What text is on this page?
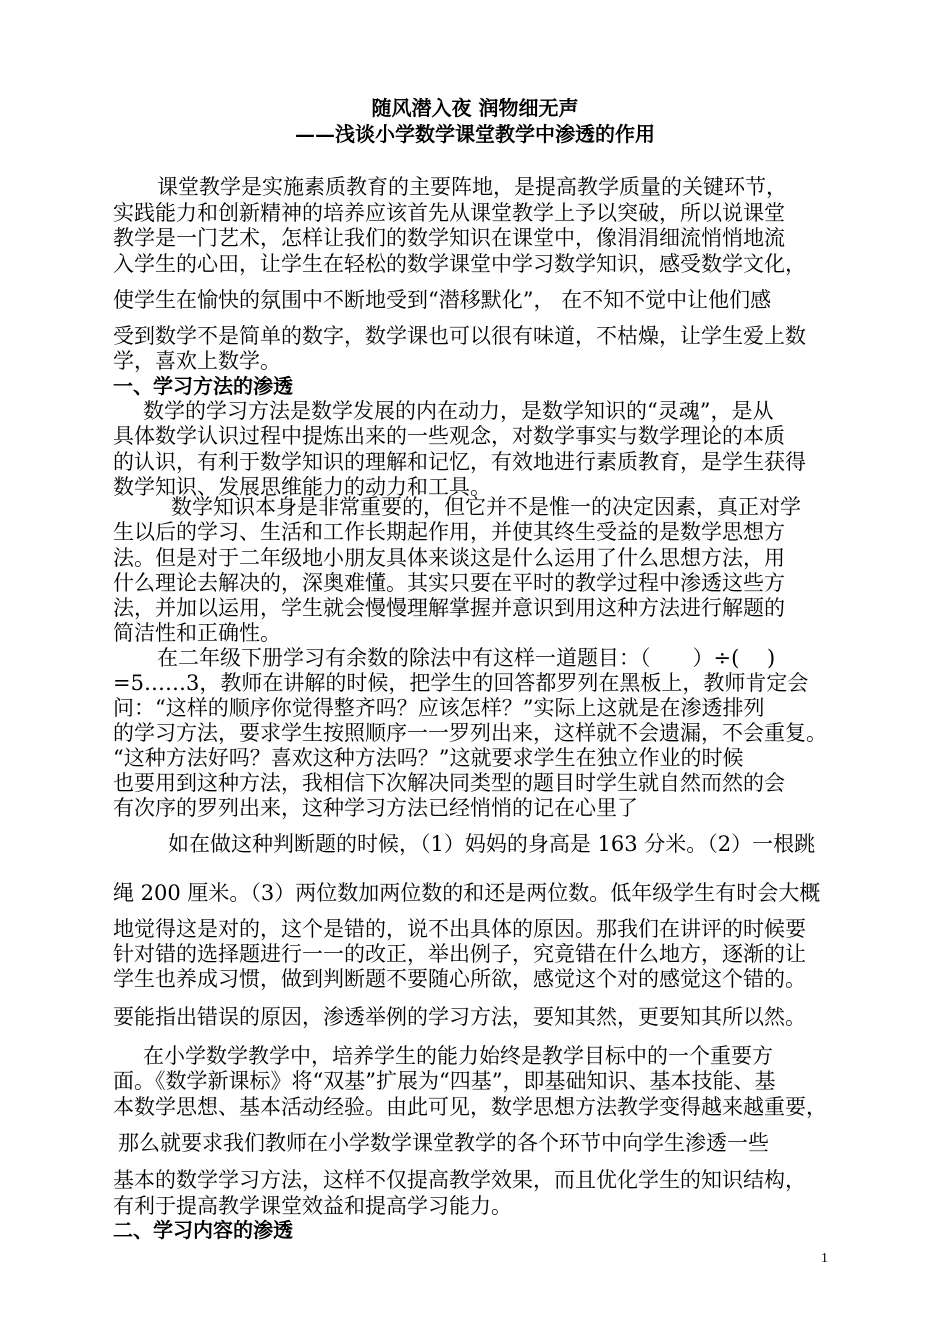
随风潜入夜 润物细无声
——浅谈小学数学课堂教学中渗透的作用

课堂教学是实施素质教育的主要阵地，是提高教学质量的关键环节，

实践能力和创新精神的培养应该首先从课堂教学上予以突破，所以说课堂

教学是一门艺术，怎样让我们的数学知识在课堂中，像涓涓细流悄悄地流

入学生的心田，让学生在轻松的数学课堂中学习数学知识，感受数学文化，

使学生在愉快的氛围中不断地受到“潜移默化”， 在不知不觉中让他们感

受到数学不是简单的数字，数学课也可以很有味道，不枯燥，让学生爱上数

学，喜欢上数学。

一、学习方法的渗透

数学的学习方法是数学发展的内在动力，是数学知识的“灵魂”，是从

具体数学认识过程中提炼出来的一些观念，对数学事实与数学理论的本质

的认识，有利于数学知识的理解和记忆，有效地进行素质教育，是学生获得

数学知识、发展思维能力的动力和工具。

数学知识本身是非常重要的，但它并不是惟一的决定因素，真正对学

生以后的学习、生活和工作长期起作用，并使其终生受益的是数学思想方

法。但是对于二年级地小朋友具体来谈这是什么运用了什么思想方法，用

什么理论去解决的，深奥难懂。其实只要在平时的教学过程中渗透这些方

法，并加以运用，学生就会慢慢理解掌握并意识到用这种方法进行解题的

简洁性和正确性。

在二年级下册学习有余数的除法中有这样一道题目：（　　）÷(　 )

=5……3，教师在讲解的时候，把学生的回答都罗列在黑板上，教师肯定会

问：“这样的顺序你觉得整齐吗？应该怎样？”实际上这就是在渗透排列

的学习方法，要求学生按照顺序一一罗列出来，这样就不会遗漏，不会重复。

“这种方法好吗？喜欢这种方法吗？”这就要求学生在独立作业的时候

也要用到这种方法，我相信下次解决同类型的题目时学生就自然而然的会

有次序的罗列出来，这种学习方法已经悄悄的记在心里了

如在做这种判断题的时候，（1）妈妈的身高是 163 分米。（2）一根跳

绳 200 厘米。（3）两位数加两位数的和还是两位数。低年级学生有时会大概

地觉得这是对的，这个是错的，说不出具体的原因。那我们在讲评的时候要

针对错的选择题进行一一的改正，举出例子，究竟错在什么地方，逐渐的让

学生也养成习惯，做到判断题不要随心所欲，感觉这个对的感觉这个错的。

要能指出错误的原因，渗透举例的学习方法，要知其然，更要知其所以然。

在小学数学教学中，培养学生的能力始终是教学目标中的一个重要方

面。《数学新课标》将“双基”扩展为“四基”，即基础知识、基本技能、基

本数学思想、基本活动经验。由此可见，数学思想方法教学变得越来越重要，

那么就要求我们教师在小学数学课堂教学的各个环节中向学生渗透一些

基本的数学学习方法，这样不仅提高教学效果，而且优化学生的知识结构，

有利于提高教学课堂效益和提高学习能力。

二、学习内容的渗透

1
